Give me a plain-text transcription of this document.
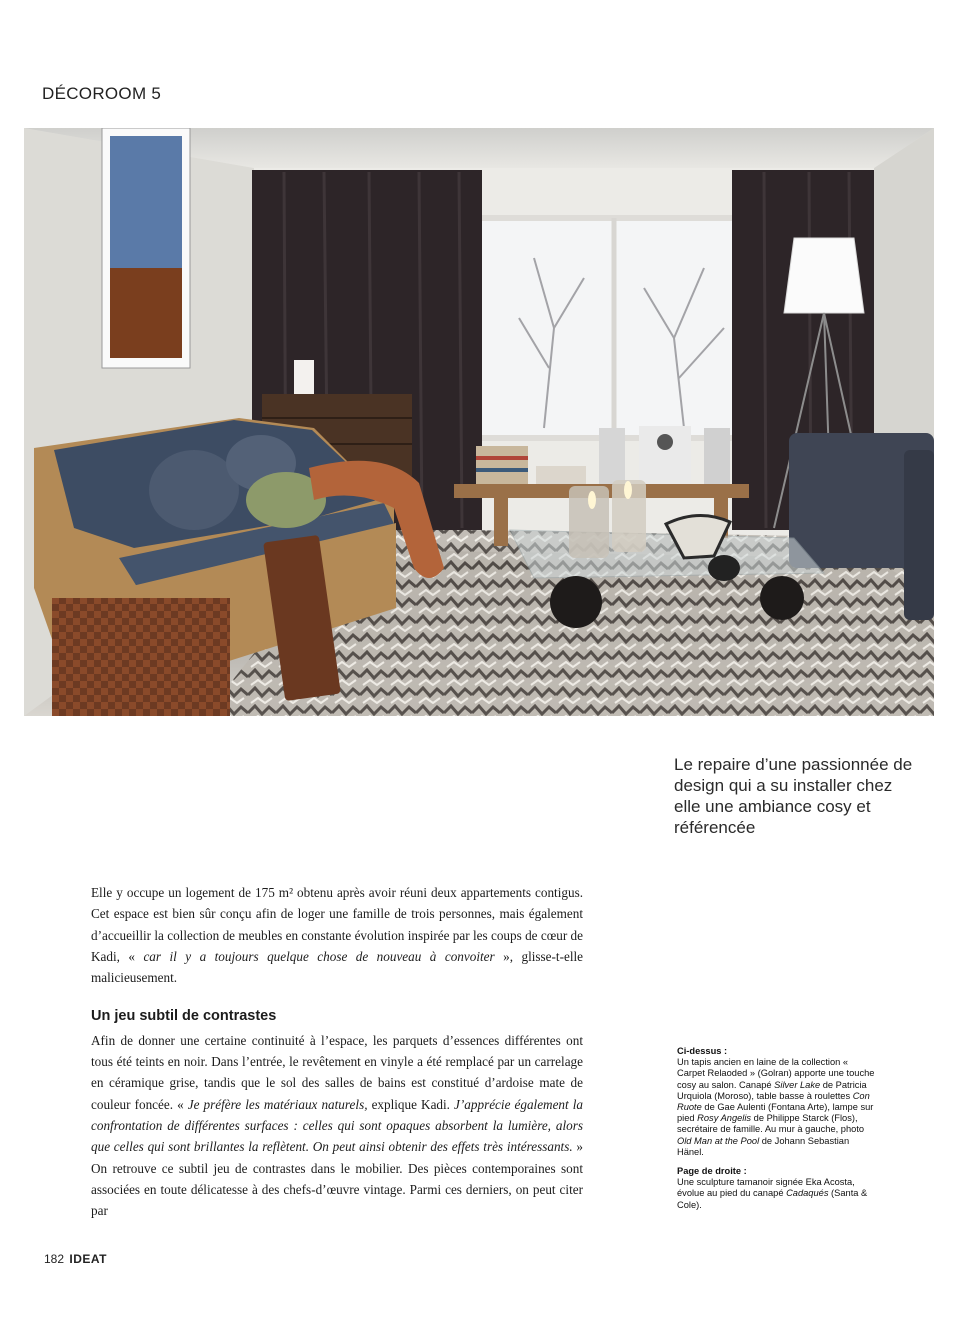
DÉCOROOM 5
Le repaire d’une passionnée de design qui a su installer chez elle une ambiance cosy et référencée

Elle y occupe un logement de 175 m² obtenu après avoir réuni deux appartements contigus. Cet espace est bien sûr conçu afin de loger une famille de trois personnes, mais également d’accueillir la collection de meubles en constante évolution inspirée par les coups de cœur de Kadi, « car il y a toujours quelque chose de nouveau à convoiter », glisse-t-elle malicieusement.

Un jeu subtil de contrastes

Afin de donner une certaine continuité à l’espace, les parquets d’essences différentes ont tous été teints en noir. Dans l’entrée, le revêtement en vinyle a été remplacé par un carrelage en céramique grise, tandis que le sol des salles de bains est constitué d’ardoise mate de couleur foncée. « Je préfère les matériaux naturels, explique Kadi. J’apprécie également la confrontation de différentes surfaces : celles qui sont opaques absorbent la lumière, alors que celles qui sont brillantes la reflètent. On peut ainsi obtenir des effets très intéressants. » On retrouve ce subtil jeu de contrastes dans le mobilier. Des pièces contemporaines sont associées en toute délicatesse à des chefs-d’œuvre vintage. Parmi ces derniers, on peut citer par

Ci-dessus :

Un tapis ancien en laine de la collection « Carpet Relaoded » (Golran) apporte une touche cosy au salon. Canapé Silver Lake de Patricia Urquiola (Moroso), table basse à roulettes Con Ruote de Gae Aulenti (Fontana Arte), lampe sur pied Rosy Angelis de Philippe Starck (Flos), secrétaire de famille. Au mur à gauche, photo Old Man at the Pool de Johann Sebastian Hänel.

Page de droite :

Une sculpture tamanoir signée Eka Acosta, évolue au pied du canapé Cadaqués (Santa & Cole).

182 IDEAT
